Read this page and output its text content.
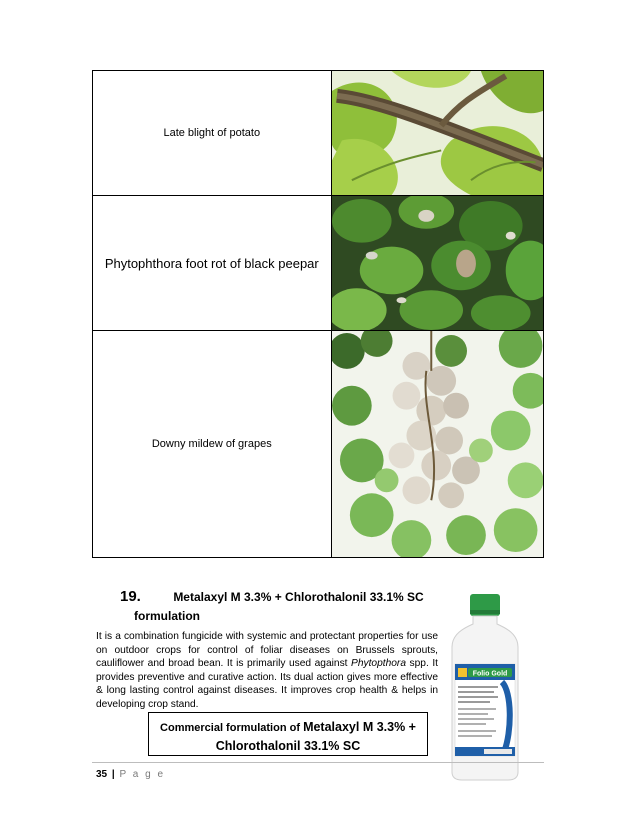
Late blight of potato	

Phytophthora foot rot of black peepar	

Downy mildew of grapes	
19.	Metalaxyl M 3.3% + Chlorothalonil 33.1% SC
formulation

It is a combination fungicide with systemic and protectant properties for use on outdoor crops for control of foliar diseases on Brussels sprouts, cauliflower and broad bean. It is primarily used against Phytopthora spp. It provides preventive and curative action. Its dual action gives more effective & long lasting control against diseases. It improves crop health & helps in developing crop stand.

Commercial formulation of Metalaxyl M 3.3% +
Chlorothalonil 33.1% SC
Folio Gold
35 | P a g e
